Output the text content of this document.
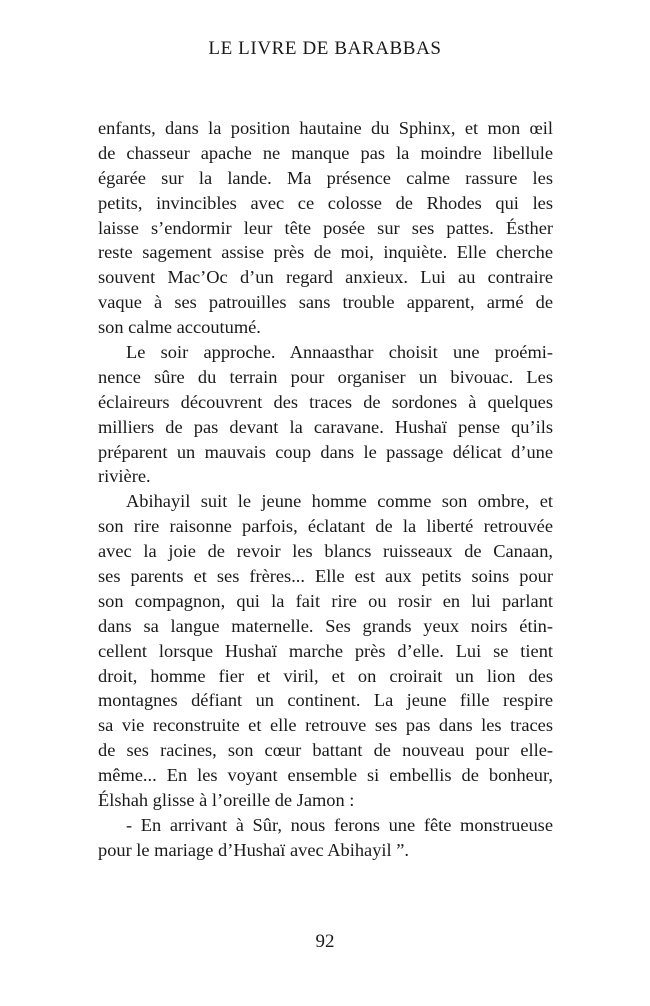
LE LIVRE DE BARABBAS
enfants, dans la position hautaine du Sphinx, et mon œil
de chasseur apache ne manque pas la moindre libellule
égarée sur la lande. Ma présence calme rassure les
petits, invincibles avec ce colosse de Rhodes qui les
laisse s’endormir leur tête posée sur ses pattes. Ésther
reste sagement assise près de moi, inquiète. Elle cherche
souvent Mac’Oc d’un regard anxieux. Lui au contraire
vaque à ses patrouilles sans trouble apparent, armé de
son calme accoutumé.
Le soir approche. Annaasthar choisit une proémi-
nence sûre du terrain pour organiser un bivouac. Les
éclaireurs découvrent des traces de sordones à quelques
milliers de pas devant la caravane. Hushaï pense qu’ils
préparent un mauvais coup dans le passage délicat d’une
rivière.
Abihayil suit le jeune homme comme son ombre, et
son rire raisonne parfois, éclatant de la liberté retrouvée
avec la joie de revoir les blancs ruisseaux de Canaan,
ses parents et ses frères... Elle est aux petits soins pour
son compagnon, qui la fait rire ou rosir en lui parlant
dans sa langue maternelle. Ses grands yeux noirs étin-
cellent lorsque Hushaï marche près d’elle. Lui se tient
droit, homme fier et viril, et on croirait un lion des
montagnes défiant un continent. La jeune fille respire
sa vie reconstruite et elle retrouve ses pas dans les traces
de ses racines, son cœur battant de nouveau pour elle-
même... En les voyant ensemble si embellis de bonheur,
Élshah glisse à l’oreille de Jamon :
- En arrivant à Sûr, nous ferons une fête monstrueuse
pour le mariage d’Hushaï avec Abihayil ”.
92
